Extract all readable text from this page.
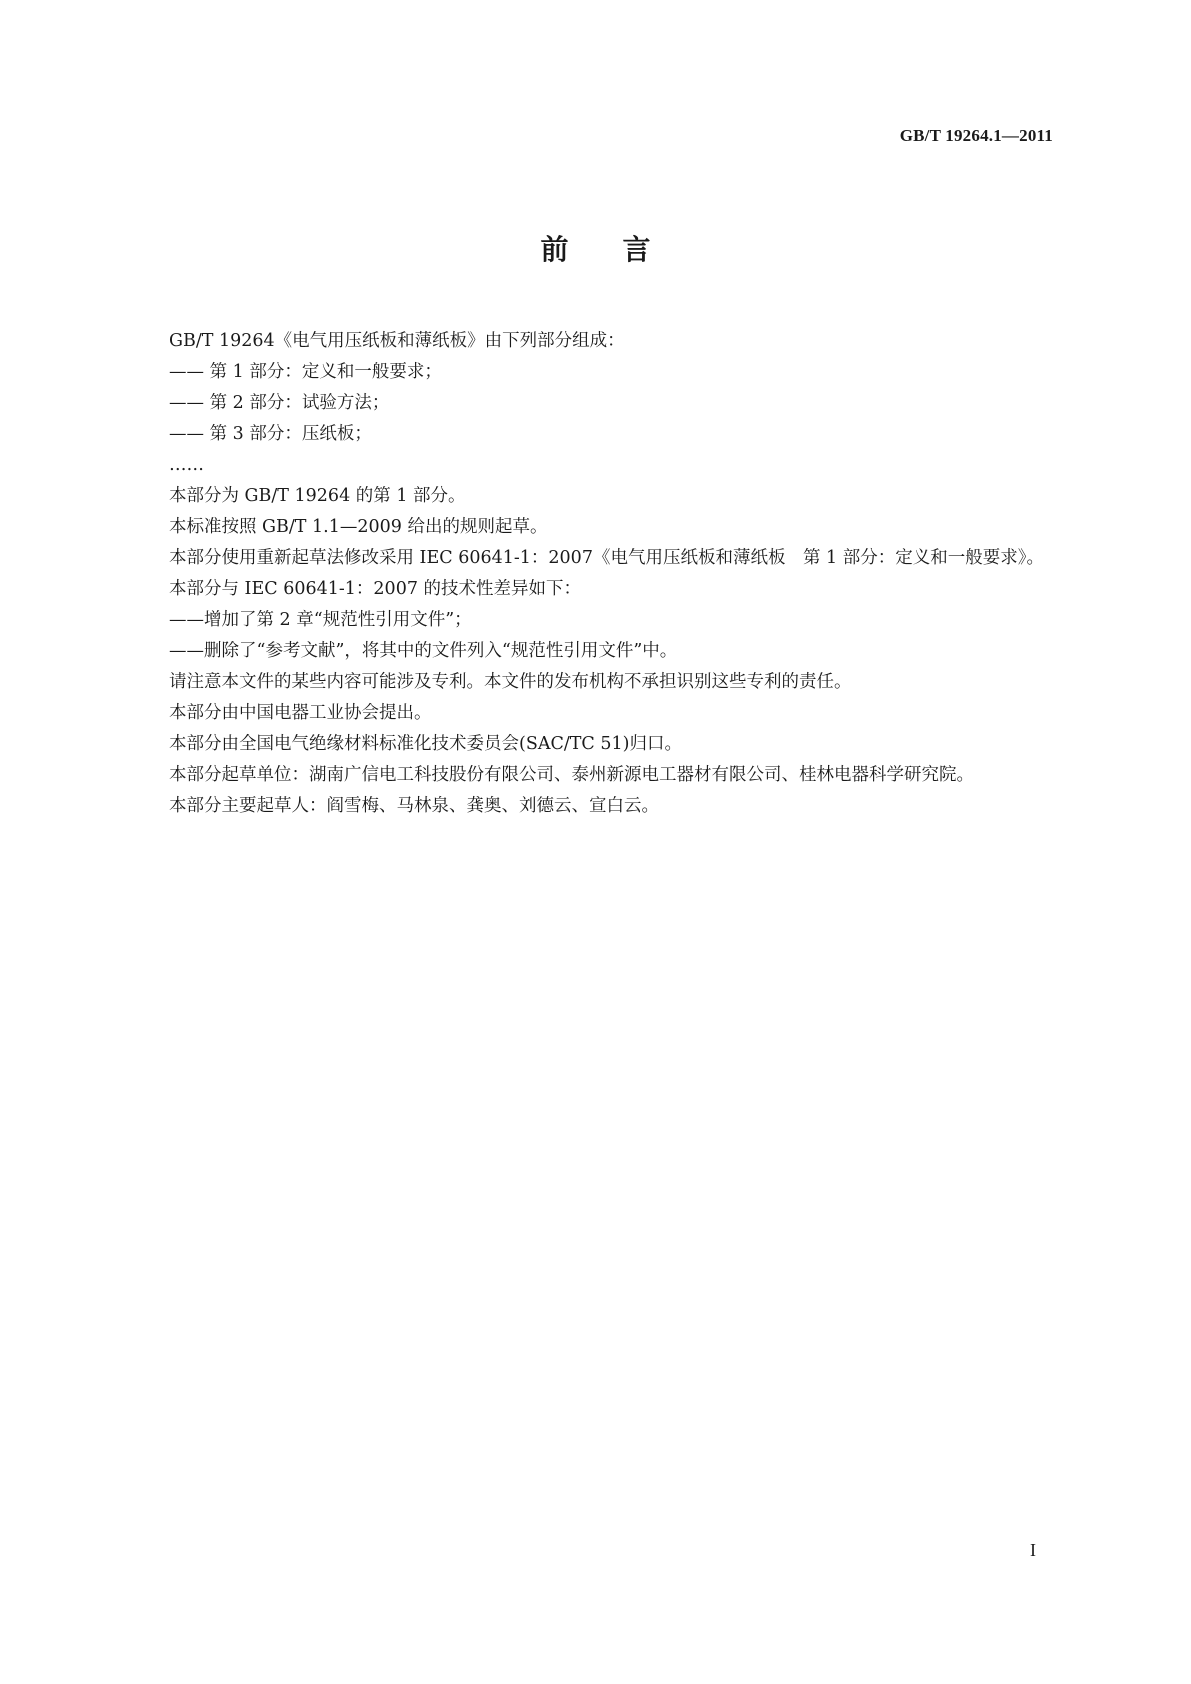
GB/T 19264.1—2011
前言

GB/T 19264《电气用压纸板和薄纸板》由下列部分组成：

—— 第 1 部分：定义和一般要求；

—— 第 2 部分：试验方法；

—— 第 3 部分：压纸板；

……

本部分为 GB/T 19264 的第 1 部分。

本标准按照 GB/T 1.1—2009 给出的规则起草。

本部分使用重新起草法修改采用 IEC 60641-1：2007《电气用压纸板和薄纸板　第 1 部分：定义和一般要求》。

本部分与 IEC 60641-1：2007 的技术性差异如下：

——增加了第 2 章“规范性引用文件”；

——删除了“参考文献”，将其中的文件列入“规范性引用文件”中。

请注意本文件的某些内容可能涉及专利。本文件的发布机构不承担识别这些专利的责任。

本部分由中国电器工业协会提出。

本部分由全国电气绝缘材料标准化技术委员会(SAC/TC 51)归口。

本部分起草单位：湖南广信电工科技股份有限公司、泰州新源电工器材有限公司、桂林电器科学研究院。

本部分主要起草人：阎雪梅、马林泉、龚奥、刘德云、宣白云。

I
